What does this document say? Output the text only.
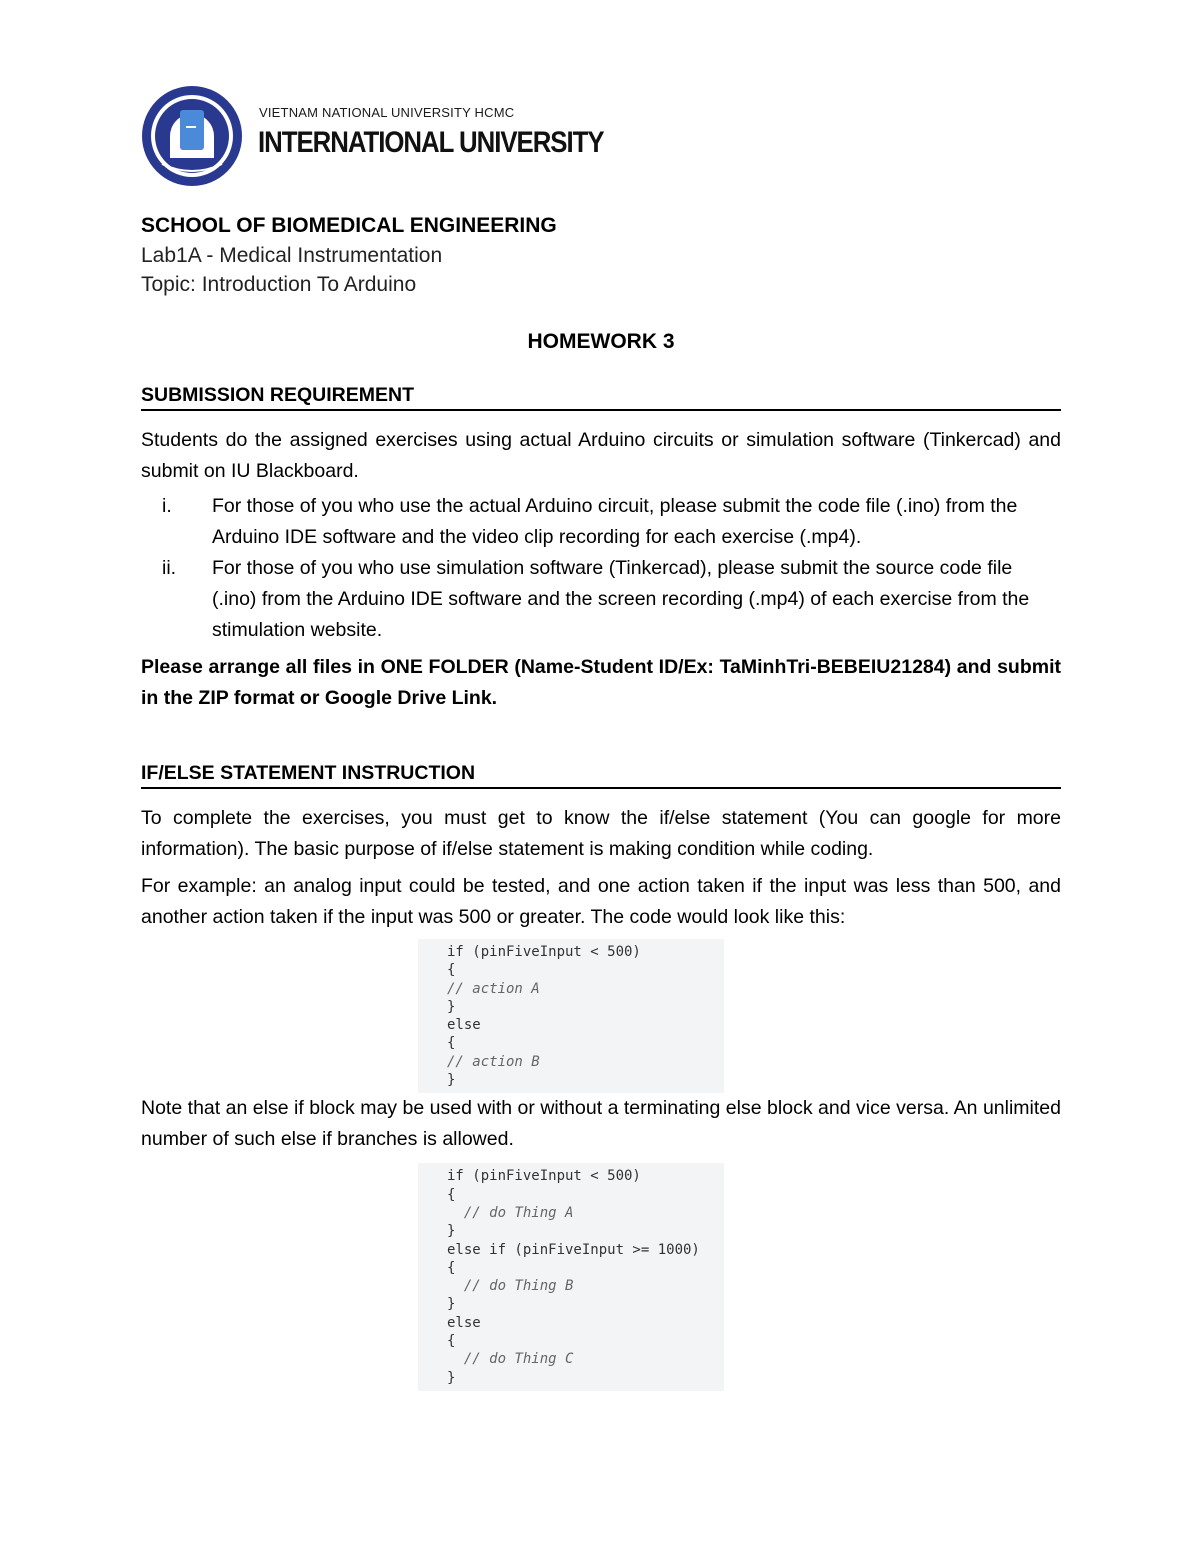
VIETNAM NATIONAL UNIVERSITY HCMC
INTERNATIONAL UNIVERSITY

SCHOOL OF BIOMEDICAL ENGINEERING

Lab1A - Medical Instrumentation

Topic: Introduction To Arduino

HOMEWORK 3

SUBMISSION REQUIREMENT

Students do the assigned exercises using actual Arduino circuits or simulation software (Tinkercad) and submit on IU Blackboard.

i. For those of you who use the actual Arduino circuit, please submit the code file (.ino) from the Arduino IDE software and the video clip recording for each exercise (.mp4).
ii. For those of you who use simulation software (Tinkercad), please submit the source code file (.ino) from the Arduino IDE software and the screen recording (.mp4) of each exercise from the stimulation website.

Please arrange all files in ONE FOLDER (Name-Student ID/Ex: TaMinhTri-BEBEIU21284) and submit in the ZIP format or Google Drive Link.

IF/ELSE STATEMENT INSTRUCTION

To complete the exercises, you must get to know the if/else statement (You can google for more information). The basic purpose of if/else statement is making condition while coding.

For example: an analog input could be tested, and one action taken if the input was less than 500, and another action taken if the input was 500 or greater. The code would look like this:

if (pinFiveInput < 500)
{
// action A
}
else
{
// action B
}

Note that an else if block may be used with or without a terminating else block and vice versa. An unlimited number of such else if branches is allowed.

if (pinFiveInput < 500)
{
// do Thing A
}
else if (pinFiveInput >= 1000)
{
// do Thing B
}
else
{
// do Thing C
}
